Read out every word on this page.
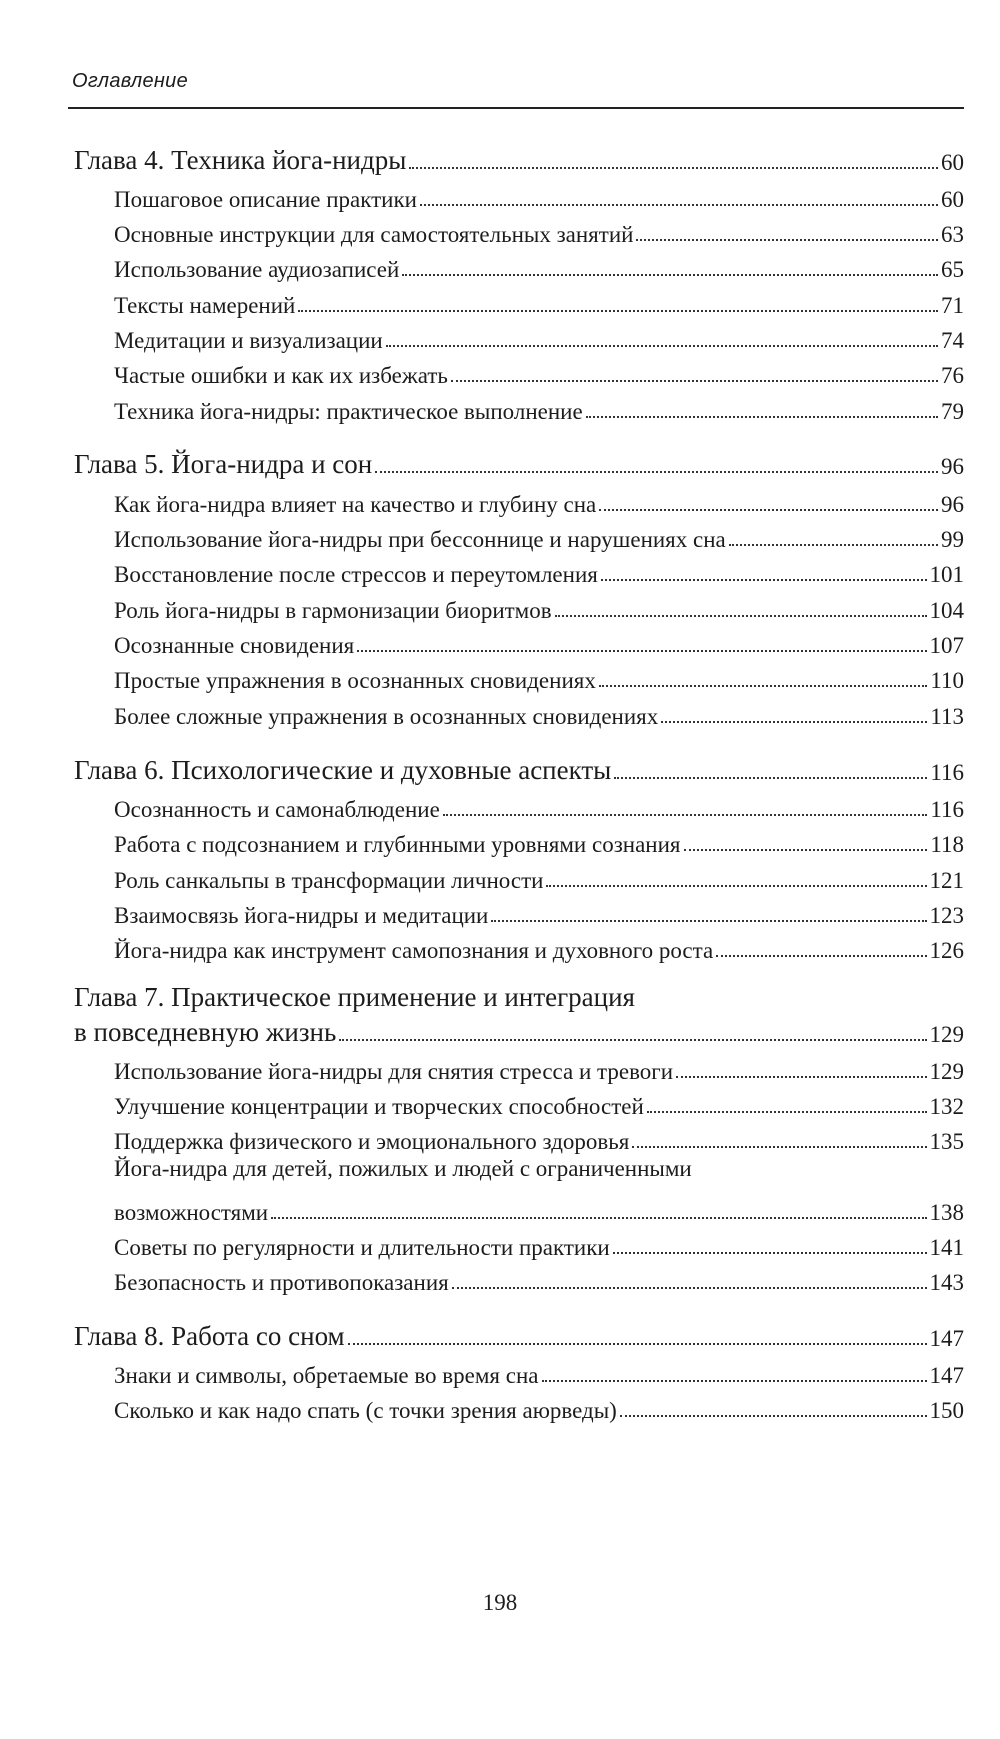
Оглавление
Глава 4. Техника йога-нидры	60
Пошаговое описание практики	60
Основные инструкции для самостоятельных занятий	63
Использование аудиозаписей	65
Тексты намерений	71
Медитации и визуализации	74
Частые ошибки и как их избежать	76
Техника йога-нидры: практическое выполнение	79
Глава 5. Йога-нидра и сон	96
Как йога-нидра влияет на качество и глубину сна	96
Использование йога-нидры при бессоннице и нарушениях сна	99
Восстановление после стрессов и переутомления	101
Роль йога-нидры в гармонизации биоритмов	104
Осознанные сновидения	107
Простые упражнения в осознанных сновидениях	110
Более сложные упражнения в осознанных сновидениях	113
Глава 6. Психологические и духовные аспекты	116
Осознанность и самонаблюдение	116
Работа с подсознанием и глубинными уровнями сознания	118
Роль санкальпы в трансформации личности	121
Взаимосвязь йога-нидры и медитации	123
Йога-нидра как инструмент самопознания и духовного роста	126
Глава 7. Практическое применение и интеграция
в повседневную жизнь	129
Использование йога-нидры для снятия стресса и тревоги	129
Улучшение концентрации и творческих способностей	132
Поддержка физического и эмоционального здоровья	135
Йога-нидра для детей, пожилых и людей с ограниченными
возможностями	138
Советы по регулярности и длительности практики	141
Безопасность и противопоказания	143
Глава 8. Работа со сном	147
Знаки и символы, обретаемые во время сна	147
Сколько и как надо спать (с точки зрения аюрведы)	150
198
